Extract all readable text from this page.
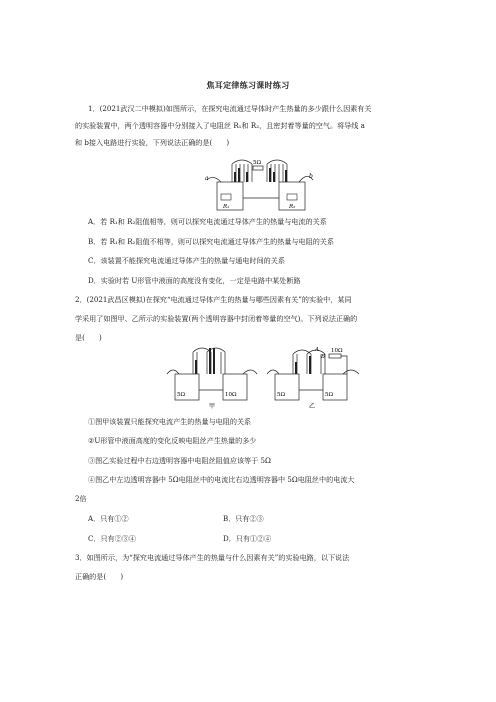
焦耳定律练习课时练习
1．(2021武汉二中模拟)如图所示，在探究电流通过导体时产生热量的多少跟什么因素有关
的实验装置中，两个透明容器中分别接入了电阻丝 R₁和 R₂，且密封着等量的空气。将导线 a
和 b接入电路进行实验，下列说法正确的是(　　)
a	b
5Ω
R₁	R₂
A．若 R₁和 R₂阻值相等，则可以探究电流通过导体产生的热量与电流的关系
B．若 R₁和 R₂阻值不相等，则可以探究电流通过导体产生的热量与电阻的关系
C．该装置不能探究电流通过导体产生的热量与通电时间的关系
D．实验时若 U形管中液面的高度没有变化，一定是电路中某处断路
2．(2021武昌区模拟)在探究“电流通过导体产生的热量与哪些因素有关”的实验中，某同
学采用了如图甲、乙所示的实验装置(两个透明容器中封闭着等量的空气)。下列说法正确的
是(　　)
5Ω	10Ω	5Ω	5Ω
10Ω
A
B
甲	乙
①图甲该装置只能探究电流产生的热量与电阻的关系
②U形管中液面高度的变化反映电阻丝产生热量的多少
③图乙实验过程中右边透明容器中电阻丝阻值应该等于 5Ω
④图乙中左边透明容器中 5Ω电阻丝中的电流比右边透明容器中 5Ω电阻丝中的电流大
2倍
A．只有①②	B．只有②③
C．只有②③④	D．只有①②④
3．如图所示，为“探究电流通过导体产生的热量与什么因素有关”的实验电路，以下说法
正确的是(　　)
